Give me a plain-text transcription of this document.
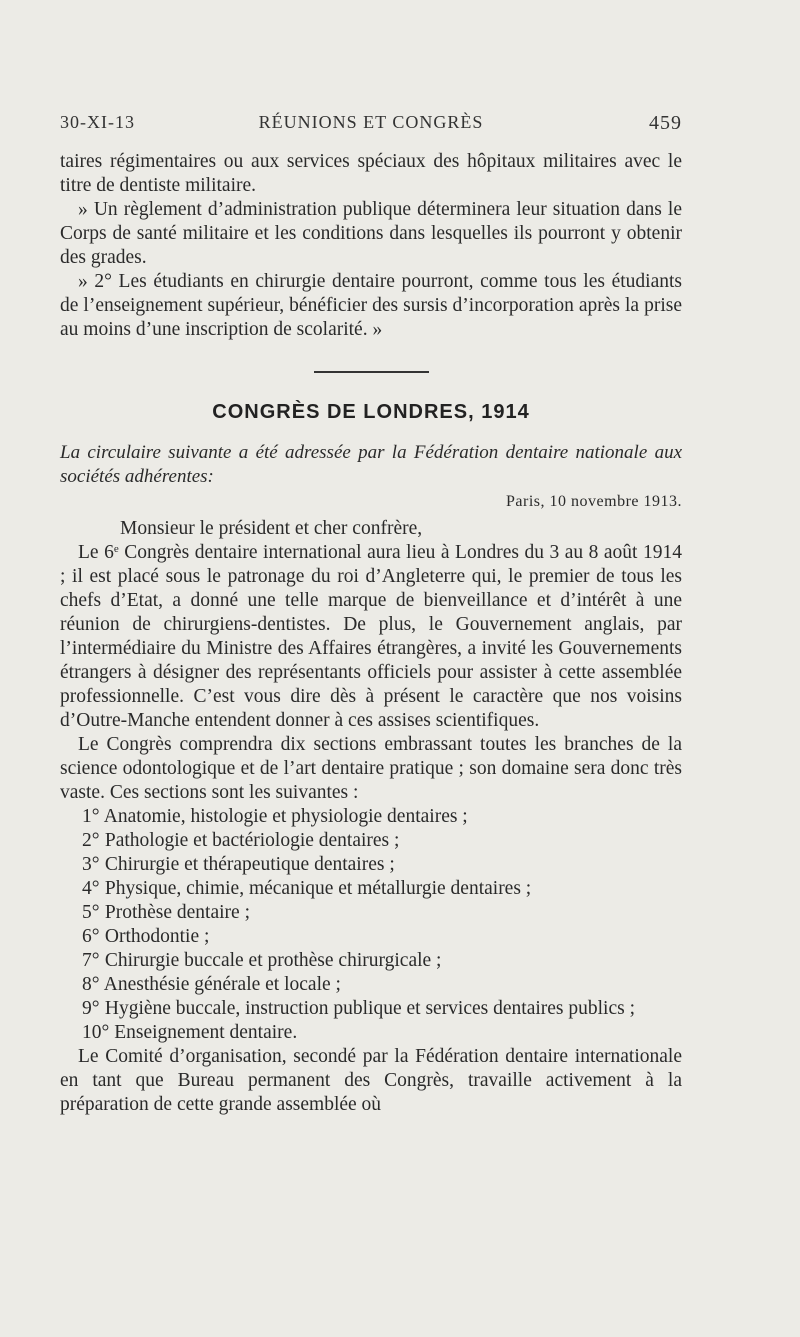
30-XI-13	RÉUNIONS ET CONGRÈS	459

taires régimentaires ou aux services spéciaux des hôpitaux militaires avec le titre de dentiste militaire.

» Un règlement d’administration publique déterminera leur situation dans le Corps de santé militaire et les conditions dans lesquelles ils pourront y obtenir des grades.

» 2° Les étudiants en chirurgie dentaire pourront, comme tous les étudiants de l’enseignement supérieur, bénéficier des sursis d’incorporation après la prise au moins d’une inscription de scolarité. »

CONGRÈS DE LONDRES, 1914

La circulaire suivante a été adressée par la Fédération dentaire nationale aux sociétés adhérentes:

Paris, 10 novembre 1913.

Monsieur le président et cher confrère,

Le 6e Congrès dentaire international aura lieu à Londres du 3 au 8 août 1914 ; il est placé sous le patronage du roi d’Angleterre qui, le premier de tous les chefs d’Etat, a donné une telle marque de bienveillance et d’intérêt à une réunion de chirurgiens-dentistes. De plus, le Gouvernement anglais, par l’intermédiaire du Ministre des Affaires étrangères, a invité les Gouvernements étrangers à désigner des représentants officiels pour assister à cette assemblée professionnelle. C’est vous dire dès à présent le caractère que nos voisins d’Outre-Manche entendent donner à ces assises scientifiques.

Le Congrès comprendra dix sections embrassant toutes les branches de la science odontologique et de l’art dentaire pratique ; son domaine sera donc très vaste. Ces sections sont les suivantes :

1° Anatomie, histologie et physiologie dentaires ;
2° Pathologie et bactériologie dentaires ;
3° Chirurgie et thérapeutique dentaires ;
4° Physique, chimie, mécanique et métallurgie dentaires ;
5° Prothèse dentaire ;
6° Orthodontie ;
7° Chirurgie buccale et prothèse chirurgicale ;
8° Anesthésie générale et locale ;
9° Hygiène buccale, instruction publique et services dentaires publics ;
10° Enseignement dentaire.

Le Comité d’organisation, secondé par la Fédération dentaire internationale en tant que Bureau permanent des Congrès, travaille activement à la préparation de cette grande assemblée où
